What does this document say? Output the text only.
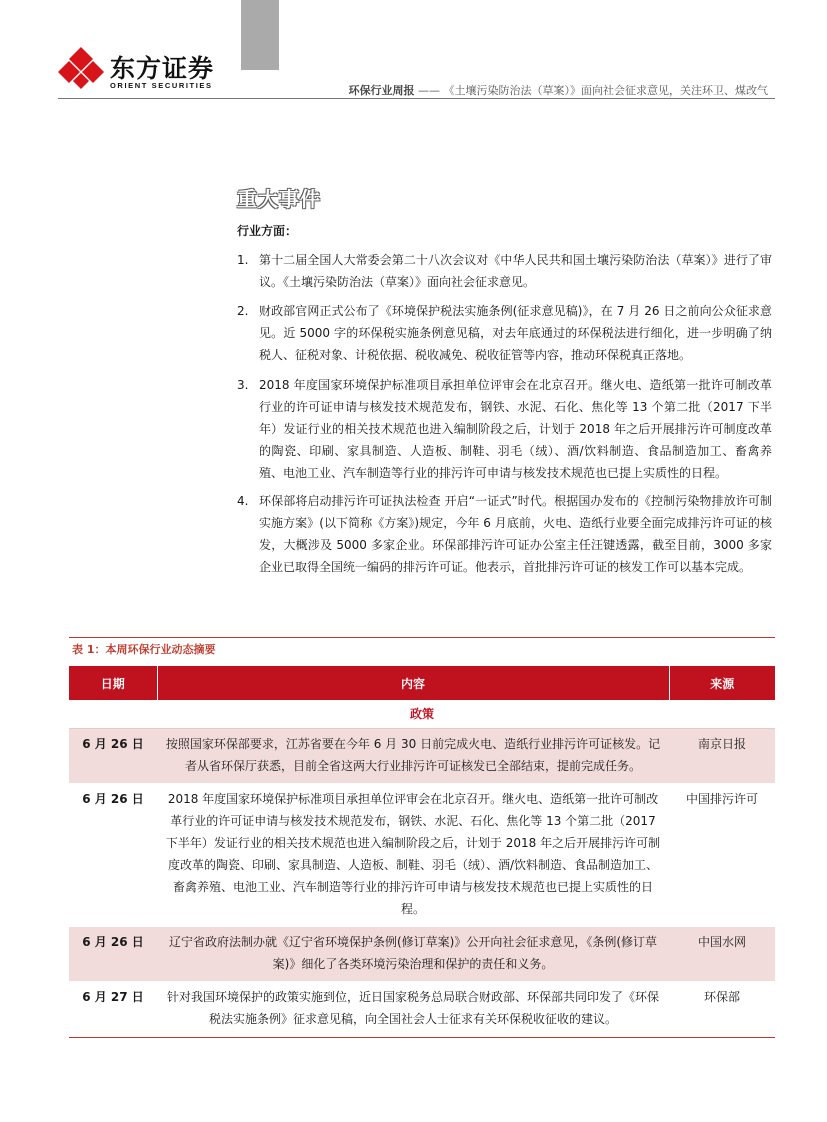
东方证券
ORIENT SECURITIES	环保行业周报 —— 《土壤污染防治法（草案）》面向社会征求意见，关注环卫、煤改气
重大事件
行业方面：
1. 第十二届全国人大常委会第二十八次会议对《中华人民共和国土壤污染防治法（草案）》进行了审议。《土壤污染防治法（草案）》面向社会征求意见。
2. 财政部官网正式公布了《环境保护税法实施条例(征求意见稿)》，在 7 月 26 日之前向公众征求意见。近 5000 字的环保税实施条例意见稿，对去年底通过的环保税法进行细化，进一步明确了纳税人、征税对象、计税依据、税收减免、税收征管等内容，推动环保税真正落地。
3. 2018 年度国家环境保护标准项目承担单位评审会在北京召开。继火电、造纸第一批许可制改革行业的许可证申请与核发技术规范发布，钢铁、水泥、石化、焦化等 13 个第二批（2017 下半年）发证行业的相关技术规范也进入编制阶段之后，计划于 2018 年之后开展排污许可制度改革的陶瓷、印刷、家具制造、人造板、制鞋、羽毛（绒）、酒/饮料制造、食品制造加工、畜禽养殖、电池工业、汽车制造等行业的排污许可申请与核发技术规范也已提上实质性的日程。
4. 环保部将启动排污许可证执法检查 开启“一证式”时代。根据国办发布的《控制污染物排放许可制实施方案》(以下简称《方案》)规定，今年 6 月底前，火电、造纸行业要全面完成排污许可证的核发，大概涉及 5000 多家企业。环保部排污许可证办公室主任汪键透露，截至目前，3000 多家企业已取得全国统一编码的排污许可证。他表示，首批排污许可证的核发工作可以基本完成。
表 1：本周环保行业动态摘要
日期	内容	来源
政策		
6 月 26 日	按照国家环保部要求，江苏省要在今年 6 月 30 日前完成火电、造纸行业排污许可证核发。记者从省环保厅获悉，目前全省这两大行业排污许可证核发已全部结束，提前完成任务。	南京日报
6 月 26 日	2018 年度国家环境保护标准项目承担单位评审会在北京召开。继火电、造纸第一批许可制改革行业的许可证申请与核发技术规范发布，钢铁、水泥、石化、焦化等 13 个第二批（2017 下半年）发证行业的相关技术规范也进入编制阶段之后，计划于 2018 年之后开展排污许可制度改革的陶瓷、印刷、家具制造、人造板、制鞋、羽毛（绒）、酒/饮料制造、食品制造加工、畜禽养殖、电池工业、汽车制造等行业的排污许可申请与核发技术规范也已提上实质性的日程。	中国排污许可
6 月 26 日	辽宁省政府法制办就《辽宁省环境保护条例(修订草案)》公开向社会征求意见，《条例(修订草案)》细化了各类环境污染治理和保护的责任和义务。	中国水网
6 月 27 日	针对我国环境保护的政策实施到位，近日国家税务总局联合财政部、环保部共同印发了《环保税法实施条例》征求意见稿，向全国社会人士征求有关环保税收征收的建议。	环保部
